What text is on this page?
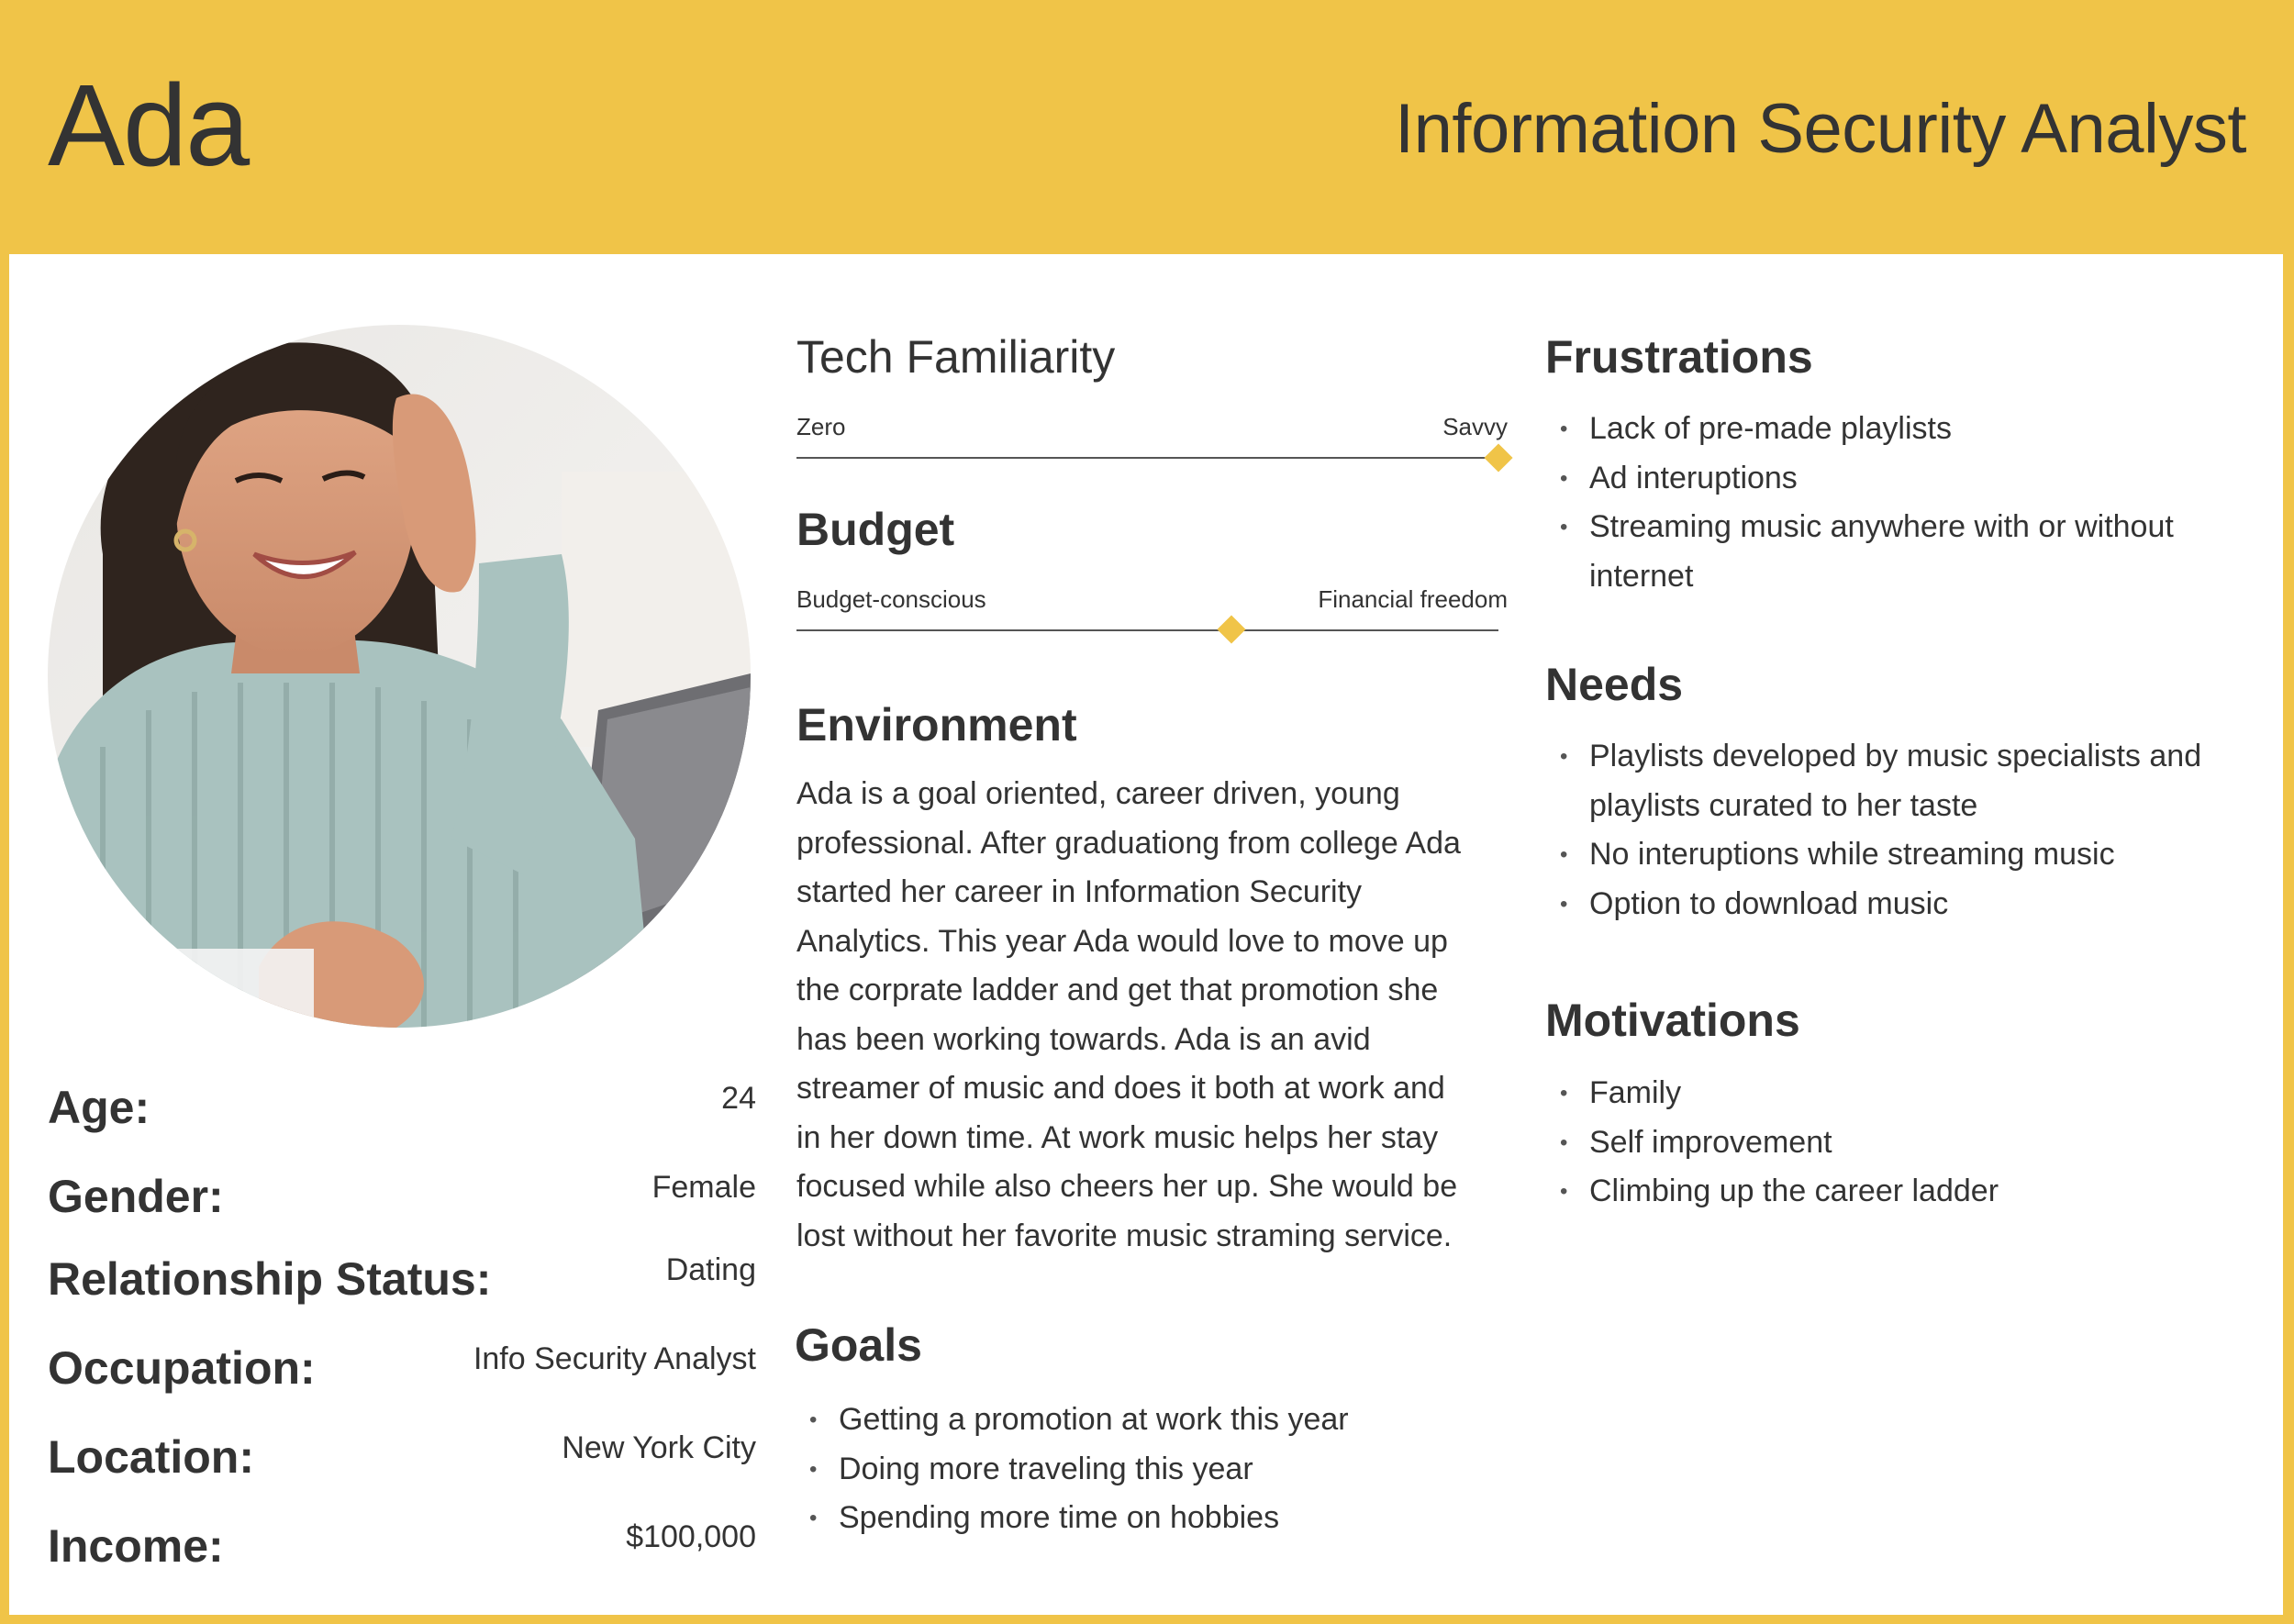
Ada	Information Security Analyst
Age:	24
Gender:	Female
Relationship Status:	Dating
Occupation:	Info Security Analyst
Location:	New York City
Income:	$100,000
Tech Familiarity
Zero	Savvy
Budget
Budget-conscious	Financial freedom
Environment
Ada is a goal oriented, career driven, young
professional. After graduationg from college Ada
started her career in Information Security
Analytics. This year Ada would love to move up
the corprate ladder and get that promotion she
has been working towards. Ada is an avid
streamer of music and does it both at work and
in her down time. At work music helps her stay
focused while also cheers her up. She would be
lost without her favorite music straming service.
Goals
• Getting a promotion at work this year
• Doing more traveling this year
• Spending more time on hobbies
Frustrations
• Lack of pre-made playlists
• Ad interuptions
• Streaming music anywhere with or without internet
Needs
• Playlists developed by music specialists and playlists curated to her taste
• No interuptions while streaming music
• Option to download music
Motivations
• Family
• Self improvement
• Climbing up the career ladder
